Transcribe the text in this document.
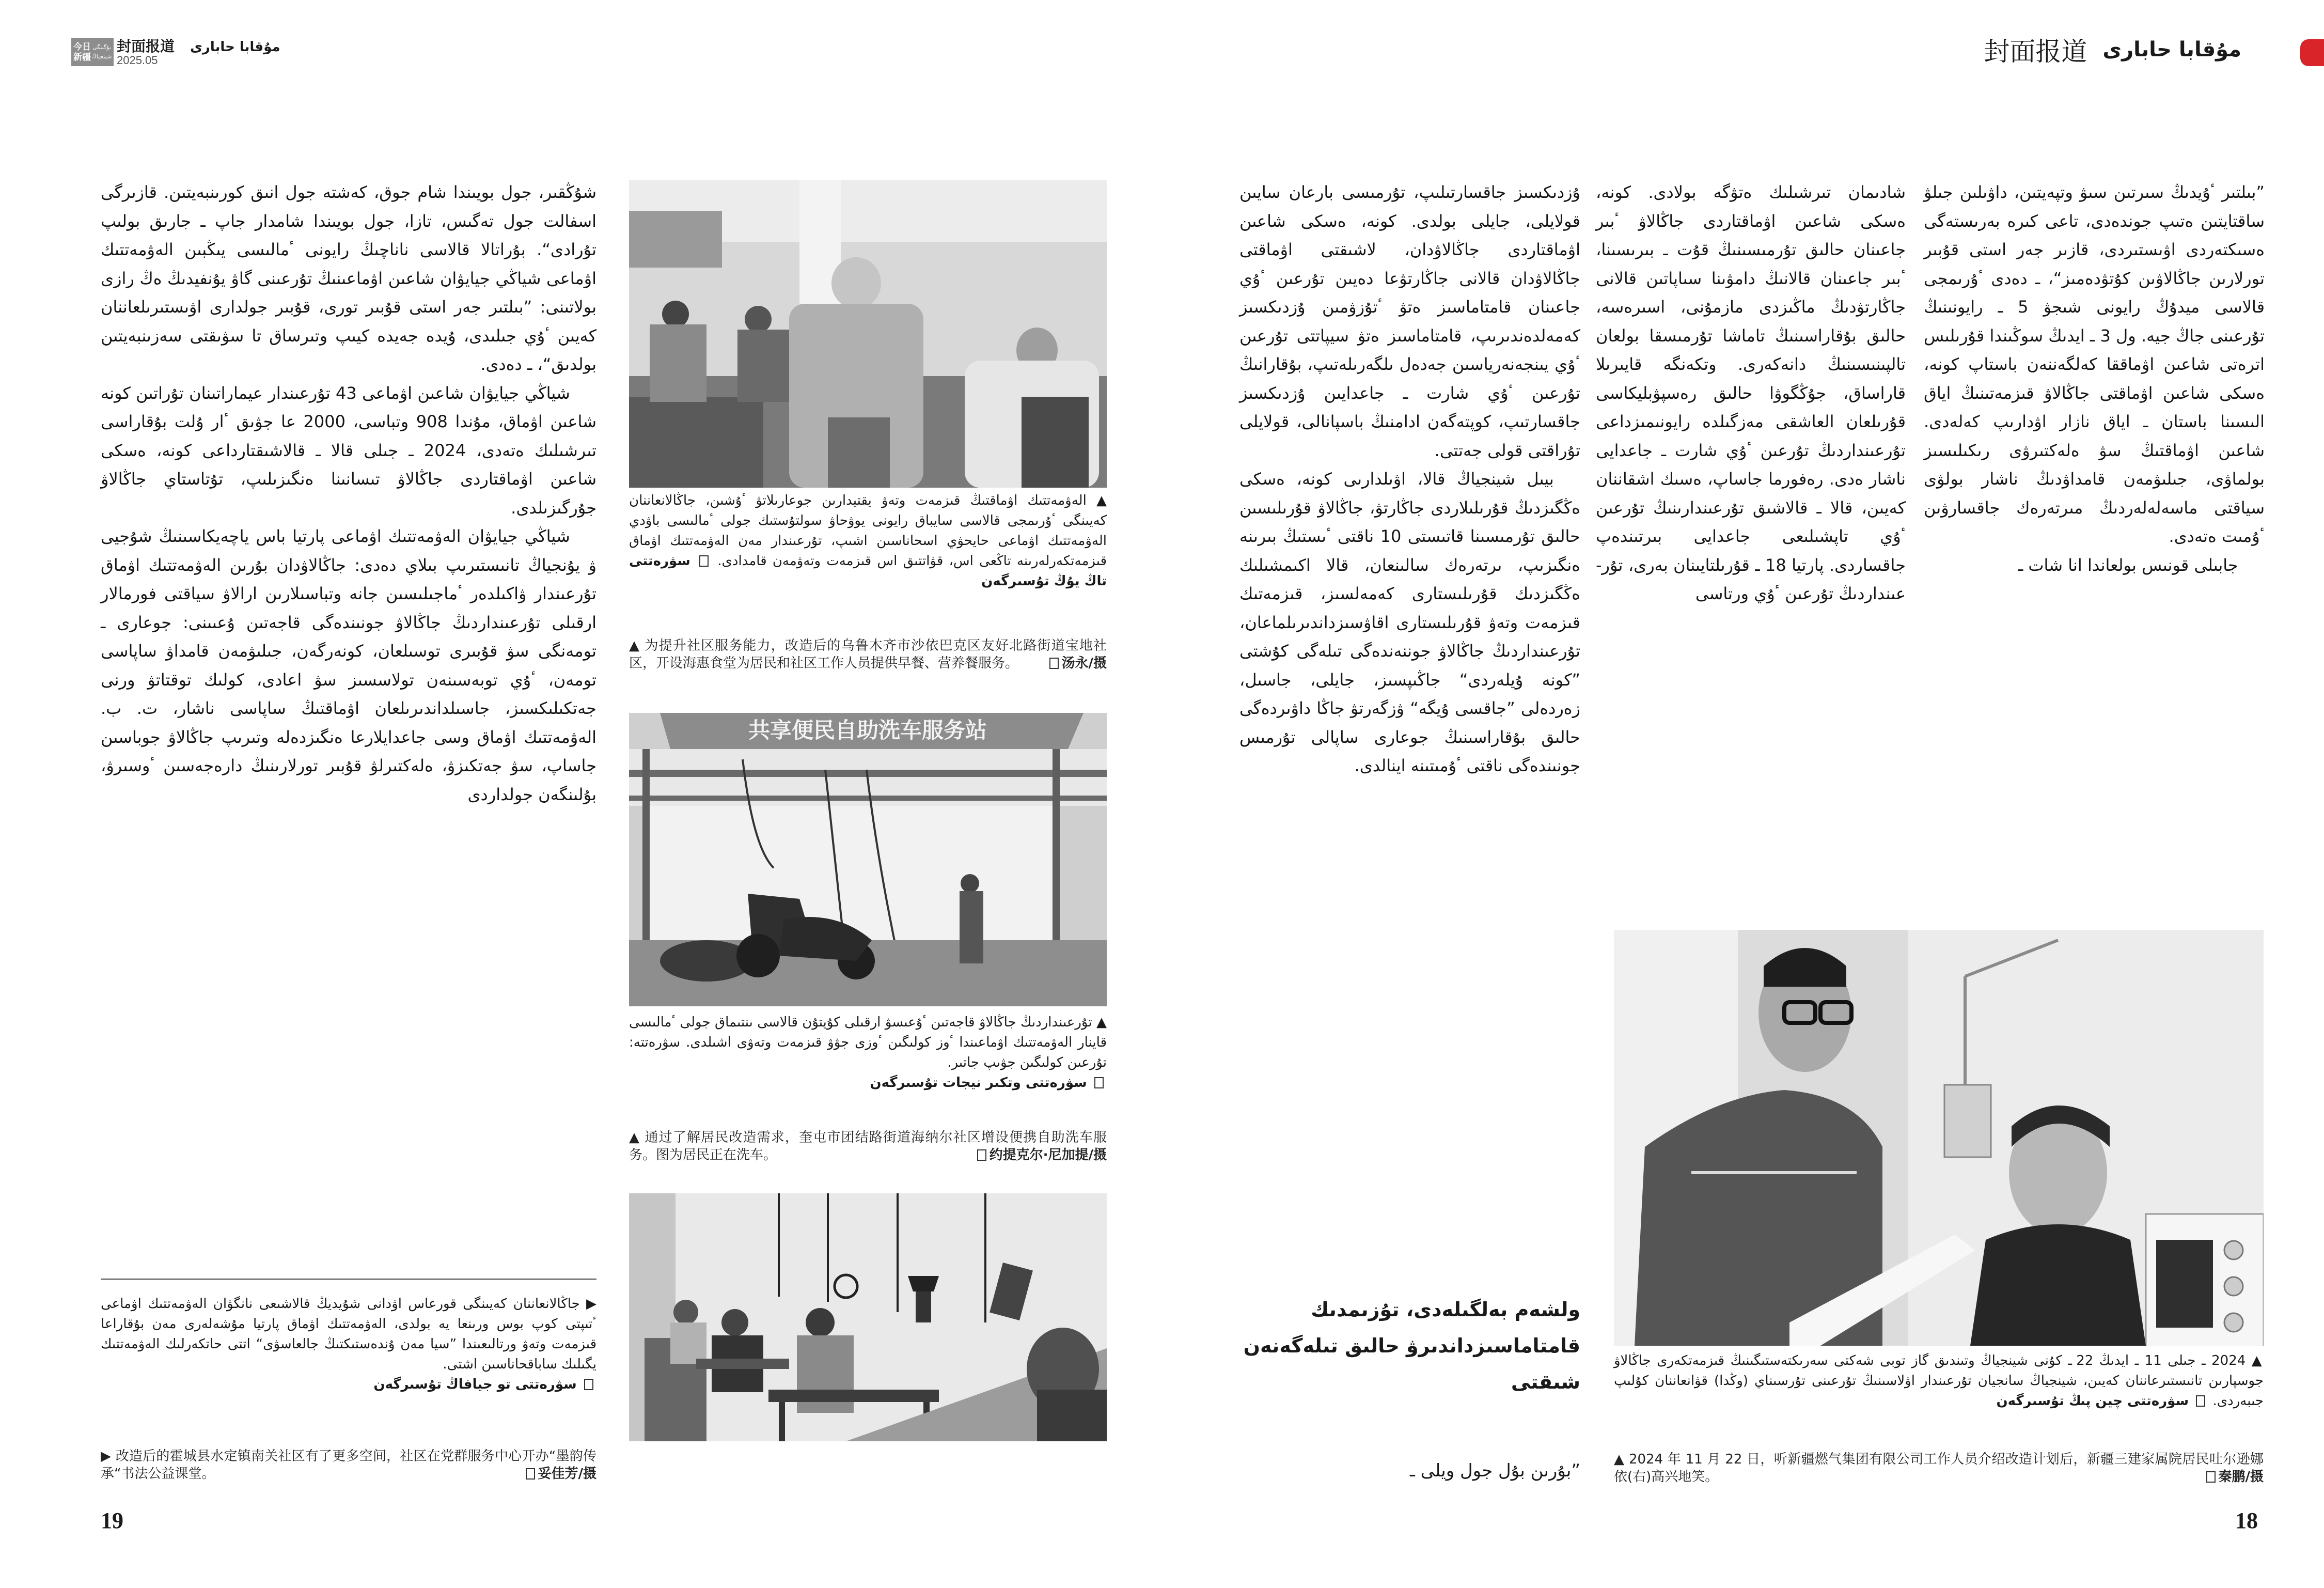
今日新疆
بۇگىنگى
شينجياڭ
封面报道
2025.05
مۇقابا حابارى	封面报道 مۇقابا حابارى

”بىلتىر ٴۇيدىڭ سىرتىن سىۋ وتپەيتىن، داۋىلىن جىلۋ ساقتايتىن ەتىپ جوندەدى، تاعى كىرە بەرىستەگى ەسىكتەردى اۋىستىردى، قازىر جەر استى قۇبىر تورلارىن جاڭالاۋىن كۇتۋدەمىز“، ـ دەدى ٴۇرىمجى قالاسى ميدۇڭ رايونى شىجۋ 5 ـ رايونىنىڭ تۇرعىنى جاڭ جيە. ول 3 ـ ايدىڭ سوڭىندا قۇرىلىس اترەتى شاعىن اۋماققا كەلگەننەن باستاپ كونە، ەسكى شاعىن اۋماقتى جاڭالاۋ قىزمەتىنىڭ اياق الىسىنا باستان ـ اياق نازار اۋدارىپ كەلەدى. شاعىن اۋماقتىڭ سۋ ەلەكتىرۋى رىكىلىسىز بولماۋى، جىلىۋمەن قامداۋدىڭ ناشار بولۋى سياقتى ماسەلەلەردىڭ مىرتەرەك جاقسارۋىن ٴۇمىت ەتەدى.

جابىلى قونىس بولعاندا انا شات ـ

شادىمان تىرشىلىك ەتۋگە بولادى. كونە، ەسكى شاعىن اۋماقتاردى جاڭالاۋ ٴبىر جاعىنان حالىق تۇرمىسىنىڭ قۇت ـ بىرىسىنا، ٴبىر جاعىنان قالانىڭ دامۋىنا سىاپاتىن قالانى جاڭارتۋدىڭ ماڭىزدى مازمۇنى، اسىرەسە، حالىق بۇقاراسىنىڭ تاماشا تۇرمىسقا بولعان تالپىنىسىنىڭ دانەكەرى. وتكەنگە قايىرىلا قاراساق، جۇڭگوۋا حالىق رەسپۋبليكاسى قۇرىلعان العاشقى مەزگىلدە رايونىمىزداعى تۇرعىنداردىڭ تۇرعىن ٴۇي شارت ـ جاعدايى ناشار ەدى. رەفورما جاساپ، ەسىك اشقاننان كەيىن، قالا ـ قالاشىق تۇرعىندارىنىڭ تۇرعىن ٴۇي تاپشىلىعى جاعدايى بىرتىندەپ جاقساردى. پارتيا 18 ـ قۇرىلتايىنان بەرى، تۇرعىنداردىڭ تۇرعىن ٴۇي ورتاسى

ۇزدىكسىز جاقسارتىلىپ، تۇرمىسى بارعان سايىن قولايلى، جايلى بولدى. كونە، ەسكى شاعىن اۋماقتاردى جاڭالاۋدان، لاشىقتى اۋماقتى جاڭالاۋدان قالانى جاڭارتۋعا دەيىن تۇرعىن ٴۇي جاعىنان قامتاماسىز ەتۋ ٴتۇزۋمىن ۇزدىكسىز كەمەلدەندىرىپ، قامتاماسىز ەتۋ سيپاتتى تۇرعىن ٴۇي يىنجەنەرياسىن جەدەل ىلگەرىلەتىپ، بۇقارانىڭ تۇرعىن ٴۇي شارت ـ جاعدايىن ۇزدىكسىز جاقسارتىپ، كوپتەگەن ادامنىڭ باسپانالى، قولايلى تۇراقتى قولى جەتتى.

بيىل شينجياڭ قالا، اۋىلدارىى كونە، ەسكى ەڭگىزدىڭ قۇرىلىلاردى جاڭارتۋ، جاڭالاۋ قۇرىلىسىن حالىق تۇرمىسىنا قاتىستى 10 ناقتى ٴىستىڭ بىرىنە ەنگىزىپ، ىرتەرەك سالىنعان، قالا اكىمشىلىك ەڭگىزدىك قۇرىلىستارى كەمەلسىز، قىزمەتىك قىزمەت وتەۋ قۇرىلىستارى اقاۋسىزداندىرىلماعان، تۇرعىنداردىڭ جاڭالاۋ جوننەندەگى تىلەگى كۇشتى ”كونە ۇيلەردى“ جاڭىپسىز، جايلى، جاسىل، زەردەلى ”جاقسى ۇيگە“ ۋزگەرتۋ جاڭا داۋىردەگى حالىق بۇقاراسىنىڭ جوعارى ساپالى تۇرمىس جونىندەگى ناقتى ٴۇمىتىنە اينالدى.

ولشەم بەلگىلەدى، تۇزىمدىك قامتاماسىزداندىرۋ حالىق تىلەگەنەن شىقتى
”بۇرىن بۇل جول ويلى ـ

شۇڭقىر، جول بويىندا شام جوق، كەشتە جول انىق كورىنبەيتىن. قازىرگى اسفالت جول تەگىس، تازا، جول بويىندا شامدار جاپ ـ جارىق بولىپ تۇرادى“. بۇراتالا قالاسى ناناچىڭ رايونى ٴمالىسى يىڭبىن الەۋمەتتىك اۋماعى شياڭي جيايۋان شاعىن اۋماعىنىڭ تۇرعىنى گاۋ يۇنفيدىڭ ەڭ رازى بولاتىنى: ”بىلتىر جەر استى قۇبىر تورى، قۇبىر جولدارى اۋىستىرىلعاننان كەيىن ٴۇي جىلىدى، ۇيدە جەيدە كيىپ وتىرساق تا سۋىقتى سەزىنبەيتىن بولدىق“، ـ دەدى.

شياڭي جيايۋان شاعىن اۋماعى 43 تۇرعىندار عيماراتىنان تۇراتىن كونە شاعىن اۋماق، مۇندا 908 وتباسى، 2000 عا جۋىق ٴار ۇلت بۇقاراسى تىرشىلىك ەتەدى، 2024 ـ جىلى قالا ـ قالاشىقتارداعى كونە، ەسكى شاعىن اۋماقتاردى جاڭالاۋ تىسانىنا ەنگىزىلىپ، تۇتاستاي جاڭالاۋ جۇرگىزىلدى.

شياڭي جيايۋان الەۋمەتتىك اۋماعى پارتيا باس ياچەيكاسىنىڭ شۇجيى ۋ يۇنجياڭ تانىستىرىپ بىلاي دەدى: جاڭالاۋدان بۇرىن الەۋمەتتىك اۋماق تۇرعىندار ۋاكىلدەر ٴماجىلىسىن جانە وتباسىلارىن ارالاۋ سياقتى فورمالار ارقىلى تۇرعىنداردىڭ جاڭالاۋ جونىندەگى قاجەتىن ۇعىىنى: جوعارى ـ تومەنگى سۋ قۇبىرى توسىلعان، كونەرگەن، جىلىۋمەن قامداۋ ساپاسى تومەن، ٴۇي توبەسىنەن تولاسسىز سۋ اعادى، كولىك توقتاتۋ ورنى جەتكىلىكسىز، جاسىلداندىرىلعان اۋماقتىڭ ساپاسى ناشار، ت. ب. الەۋمەتتىك اۋماق وسى جاعدايلارعا ەنگىزدەلە وتىرىپ جاڭالاۋ جوباسىن جاساپ، سۋ جەتكىزۋ، ەلەكتىرلۋ قۇبىر تورلارىنىڭ دارەجەسىن ٴوسىرۋ، بۇلىنگەن جولداردى

共享便民自助洗车服务站
▲ الەۋمەتتىك اۋماقتىڭ قىزمەت وتەۋ يقتيدارىن جوعارىلاتۋ ٴۇشىن، جاڭالانعاننان كەيىنگى ٴۇرىمجى قالاسى سايباق رايونى يوۋحاۋ سولتۇستىك جولى ٴمالىسى باۋدي الەۋمەتتىك اۋماعى حايحۋي اسحاناسىن اشىپ، تۇرعىندار مەن الەۋمەتتىك اۋماق قىزمەتكەرلەرىنە تاڭعى اس، قۋاتتىق اس قىزمەت وتەۋمەن قامدادى.  سۋرەتتى تاڭ يۇڭ تۇسىرگەن
▲ 为提升社区服务能力，改造后的乌鲁木齐市沙依巴克区友好北路街道宝地社区，开设海惠食堂为居民和社区工作人员提供早餐、营养餐服务。	汤永/摄
▲ تۇرعىنداردىڭ جاڭالاۋ قاجەتىن ٴۇعىسۋ ارقىلى كۇيتۇن قالاسى ىنتىماق جولى ٴمالىسى قاينار الەۋمەتتىك اۋماعىندا ٴوز كولىگىن ٴوزى جۋۋ قىزمەت وتەۋى اشىلدى. سۋرەتتە: تۇرعىن كولىگىن جۋىپ جاتىر.
سۋرەتتى وتكىر نيجات تۇسىرگەن
▲ 通过了解居民改造需求，奎屯市团结路街道海纳尔社区增设便携自助洗车服务。图为居民正在洗车。	约提克尔·尼加提/摄
▶ جاڭالانعاننان كەيىنگى قورعاس اۋدانى شۇيديڭ قالاشىعى نانگۋان الەۋمەتتىك اۋماعى ٴتىپتى كوپ بوس ورىنعا يە بولدى، الەۋمەتتىك اۋماق پارتيا مۇشەلەرى مەن بۇقاراعا قىزمەت وتەۋ ورتالىعىندا ”سيا مەن ۇندەستىكتىڭ جالعاسۋى“ اتتى حاتكەرلىك الەۋمەتتىك يگىلىك ساباقحاناسىن اشتى.
سۋرەتتى تو جيافاڭ تۇسىرگەن
▶ 改造后的霍城县水定镇南关社区有了更多空间，社区在党群服务中心开办“墨韵传承“书法公益课堂。	妥佳芳/摄
▲ 2024 ـ جىلى 11 ـ ايدىڭ 22 ـ كۇنى شينجياڭ وتىندىق گاز توبى شەكتى سەرىكتەستىگىنىڭ قىزمەتكەرى جاڭالاۋ جوسپارىن تانىستىرعاننان كەيىن، شينجياڭ سانجيان تۇرعىندار اۋلاسىنىڭ تۇرعىنى تۇرسىناي (وڭدا) قۋانعاننان كۇلىپ جىبەردى.  سۋرەتتى چين پىڭ تۇسىرگەن
▲ 2024 年 11 月 22 日，听新疆燃气集团有限公司工作人员介绍改造计划后，新疆三建家属院居民吐尔逊娜依(右)高兴地笑。	秦鹏/摄
19	18
